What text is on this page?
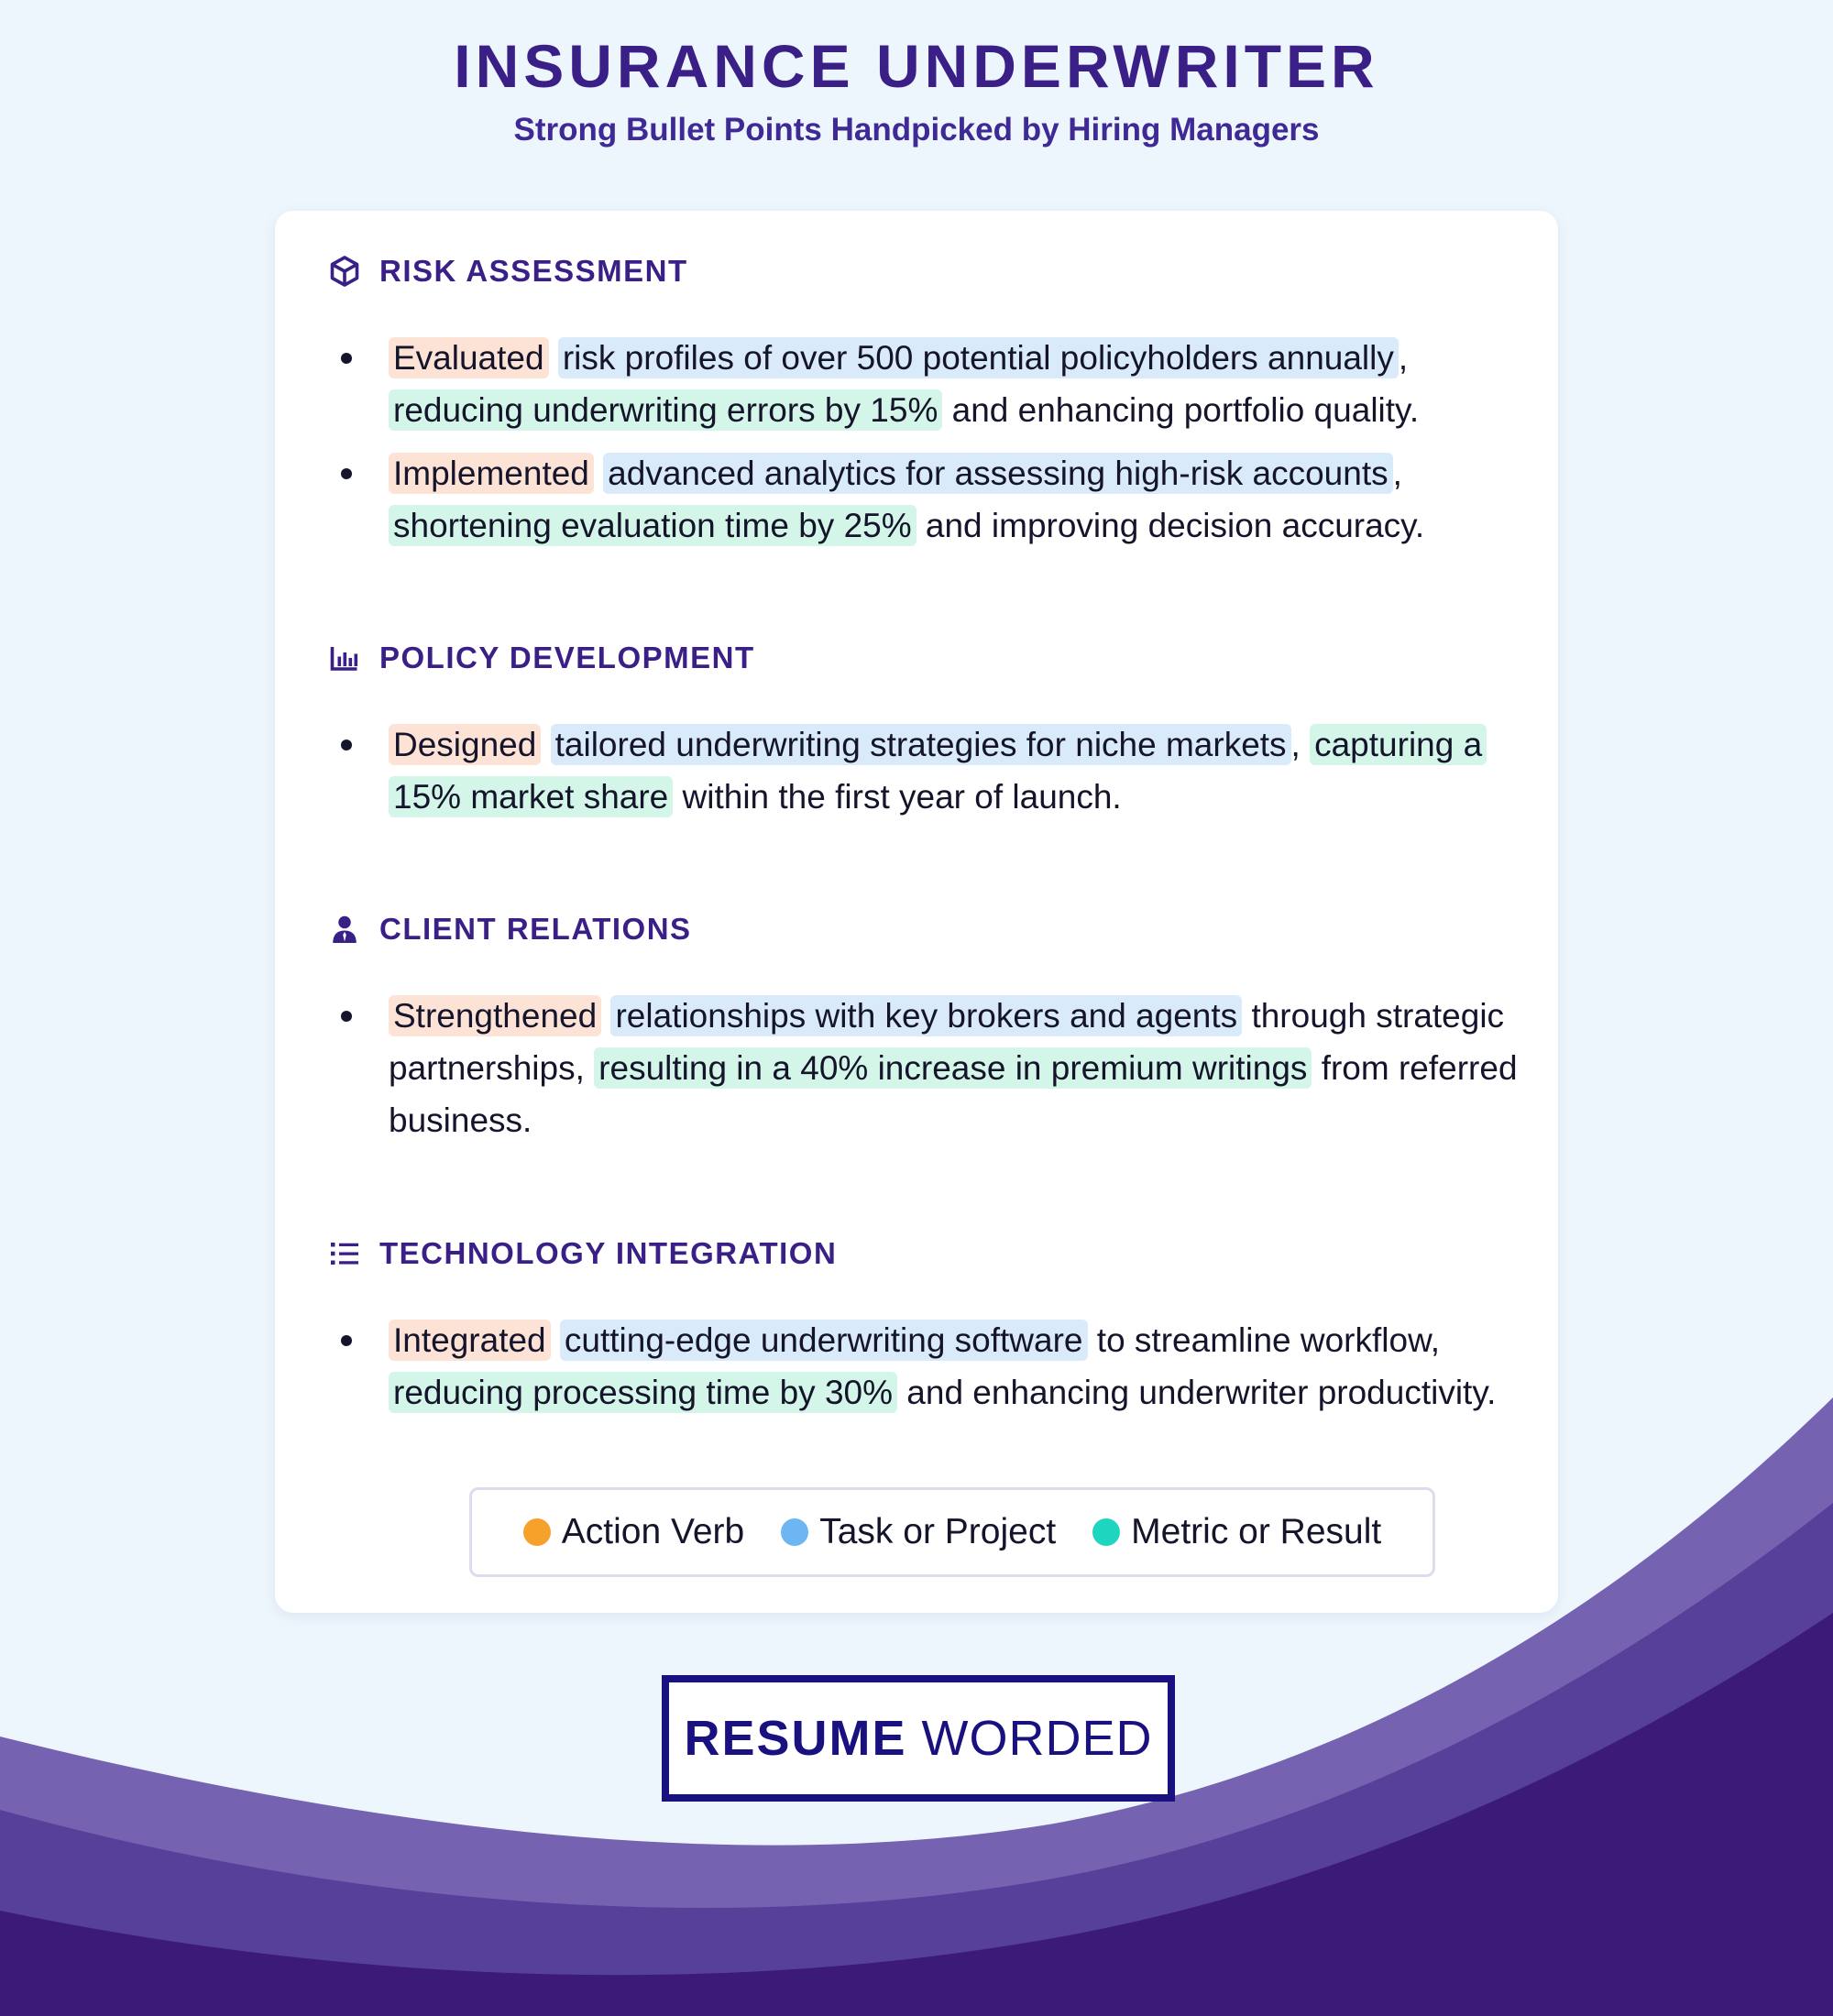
INSURANCE UNDERWRITER
Strong Bullet Points Handpicked by Hiring Managers
RISK ASSESSMENT
Evaluated risk profiles of over 500 potential policyholders annually , reducing underwriting errors by 15% and enhancing portfolio quality.
Implemented advanced analytics for assessing high-risk accounts , shortening evaluation time by 25% and improving decision accuracy.
POLICY DEVELOPMENT
Designed tailored underwriting strategies for niche markets , capturing a 15% market share within the first year of launch.
CLIENT RELATIONS
Strengthened relationships with key brokers and agents through strategic partnerships, resulting in a 40% increase in premium writings from referred business.
TECHNOLOGY INTEGRATION
Integrated cutting-edge underwriting software to streamline workflow, reducing processing time by 30% and enhancing underwriter productivity.
Action Verb Task or Project Metric or Result
RESUME WORDED
